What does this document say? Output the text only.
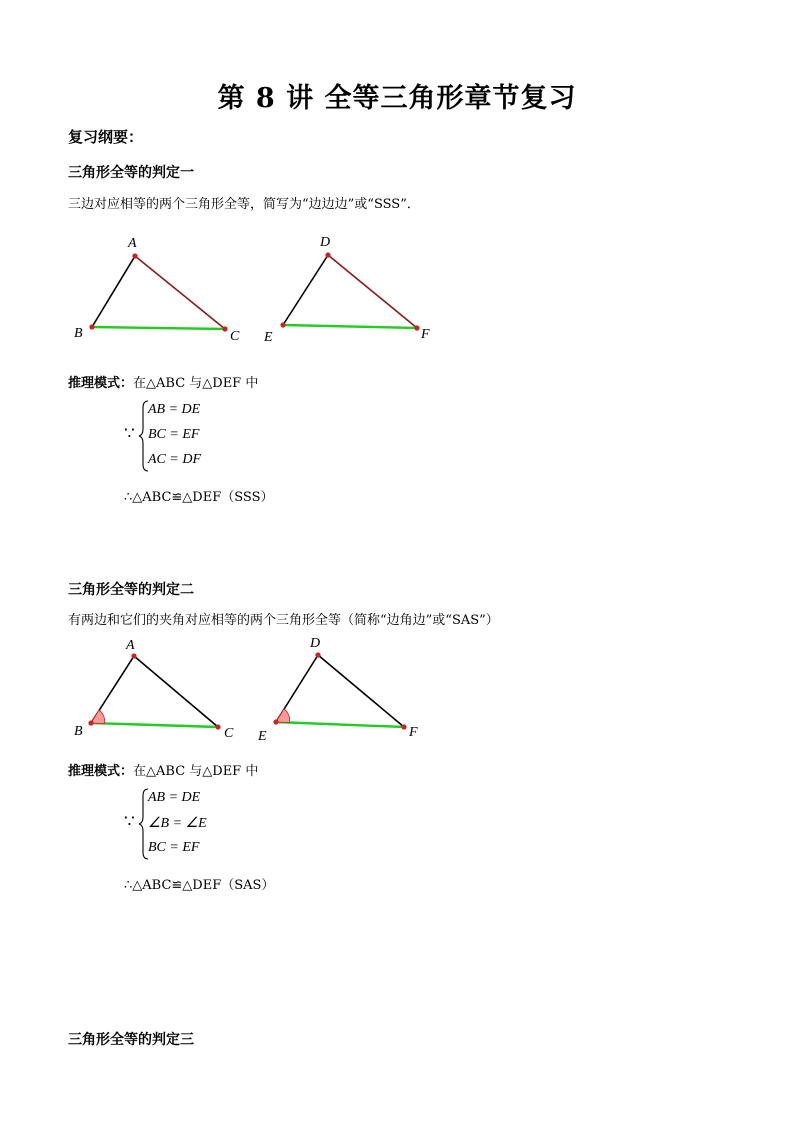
第 8 讲 全等三角形章节复习
复习纲要：
三角形全等的判定一
三边对应相等的两个三角形全等，简写为“边边边”或“SSS”．
A
B	C
D
E	F
推理模式：在△ABC 与△DEF 中
∵
AB = DE
BC = EF
AC = DF
∴△ABC≌△DEF（SSS）
三角形全等的判定二
有两边和它们的夹角对应相等的两个三角形全等（简称“边角边”或“SAS”）
A
B	C
D
E	F
推理模式：在△ABC 与△DEF 中
∵
AB = DE
∠B = ∠E
BC = EF
∴△ABC≌△DEF（SAS）
三角形全等的判定三
